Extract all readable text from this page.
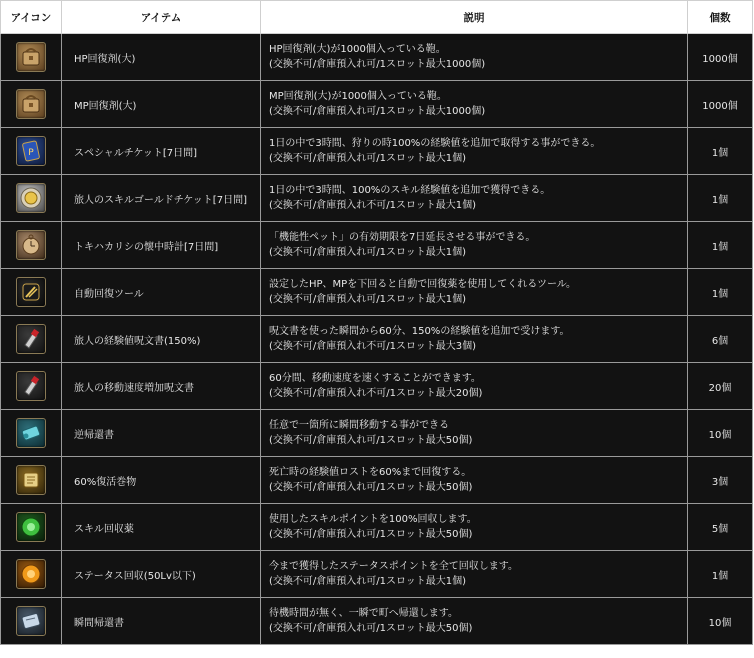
アイコン	アイテム	説明	個数

	HP回復剤(大)	HP回復剤(大)が1000個入っている鞄。
(交換不可/倉庫預入れ可/1スロット最大1000個)	1000個

	MP回復剤(大)	MP回復剤(大)が1000個入っている鞄。
(交換不可/倉庫預入れ可/1スロット最大1000個)	1000個

P	スペシャルチケット[7日間]	1日の中で3時間、狩りの時100%の経験値を追加で取得する事ができる。
(交換不可/倉庫預入れ可/1スロット最大1個)	1個

	旅人のスキルゴールドチケット[7日間]	1日の中で3時間、100%のスキル経験値を追加で獲得できる。
(交換不可/倉庫預入れ不可/1スロット最大1個)	1個

	トキハカリシの懐中時計[7日間]	「機能性ペット」の有効期限を7日延長させる事ができる。
(交換不可/倉庫預入れ可/1スロット最大1個)	1個

	自動回復ツール	設定したHP、MPを下回ると自動で回復薬を使用してくれるツール。
(交換不可/倉庫預入れ可/1スロット最大1個)	1個

	旅人の経験値呪文書(150%)	呪文書を使った瞬間から60分、150%の経験値を追加で受けます。
(交換不可/倉庫預入れ不可/1スロット最大3個)	6個

	旅人の移動速度増加呪文書	60分間、移動速度を速くすることができます。
(交換不可/倉庫預入れ不可/1スロット最大20個)	20個

	逆帰還書	任意で一箇所に瞬間移動する事ができる
(交換不可/倉庫預入れ可/1スロット最大50個)	10個

	60%復活巻物	死亡時の経験値ロストを60%まで回復する。
(交換不可/倉庫預入れ可/1スロット最大50個)	3個

	スキル回収薬	使用したスキルポイントを100%回収します。
(交換不可/倉庫預入れ可/1スロット最大50個)	5個

	ステータス回収(50Lv以下)	今まで獲得したステータスポイントを全て回収します。
(交換不可/倉庫預入れ可/1スロット最大1個)	1個

	瞬間帰還書	待機時間が無く、一瞬で町へ帰還します。
(交換不可/倉庫預入れ可/1スロット最大50個)	10個
